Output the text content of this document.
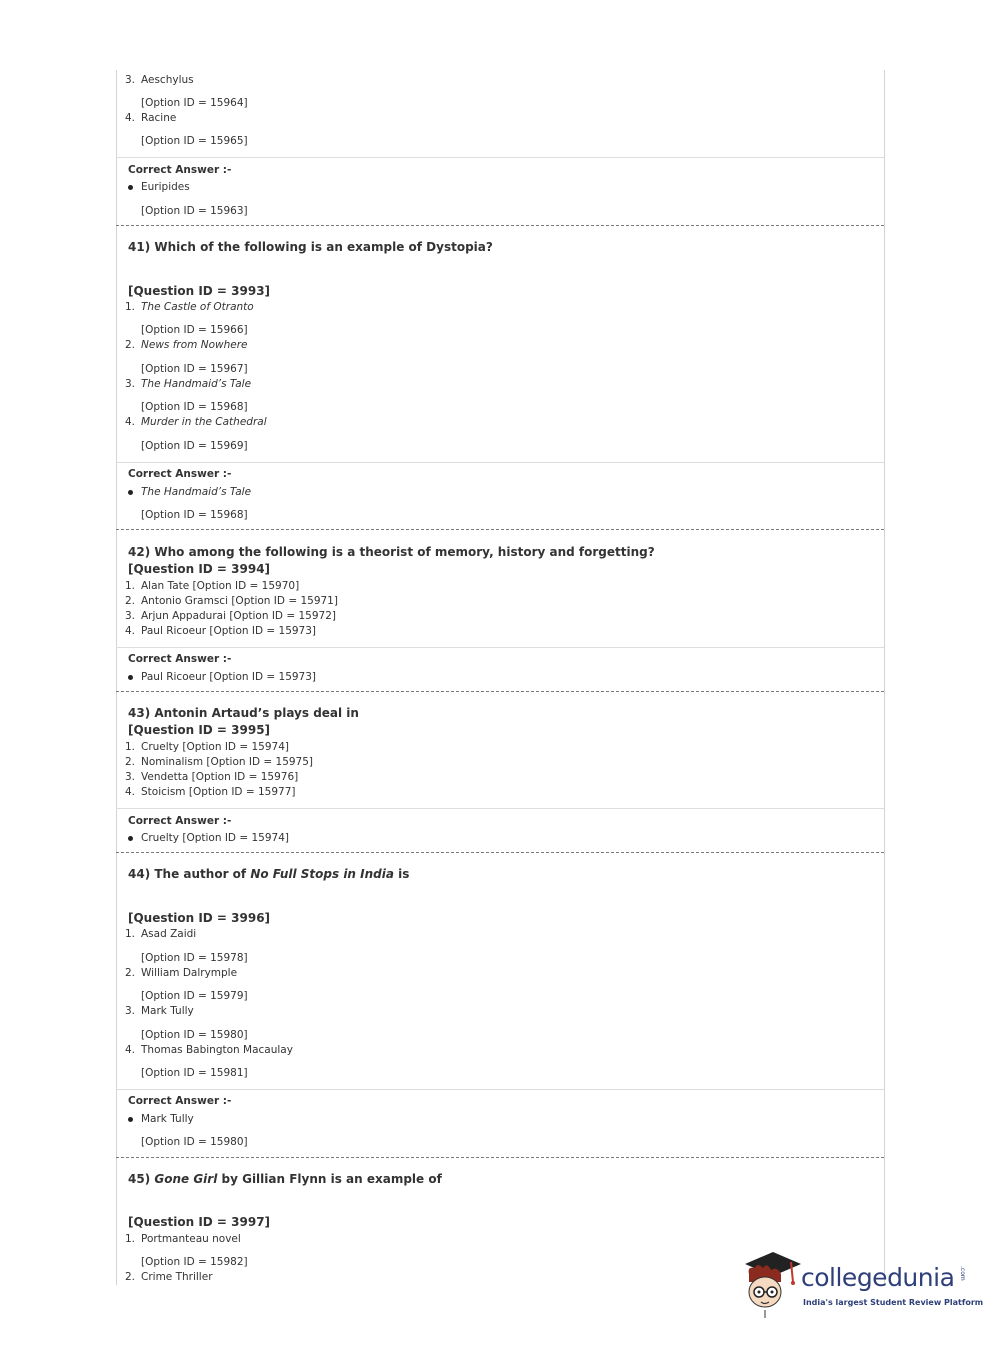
3. Aeschylus
[Option ID = 15964]
4. Racine
[Option ID = 15965]
Correct Answer :-
Euripides
[Option ID = 15963]
41) Which of the following is an example of Dystopia?
[Question ID = 3993]
1. The Castle of Otranto
[Option ID = 15966]
2. News from Nowhere
[Option ID = 15967]
3. The Handmaid’s Tale
[Option ID = 15968]
4. Murder in the Cathedral
[Option ID = 15969]
Correct Answer :-
The Handmaid’s Tale
[Option ID = 15968]
42) Who among the following is a theorist of memory, history and forgetting?
[Question ID = 3994]
1. Alan Tate [Option ID = 15970]
2. Antonio Gramsci [Option ID = 15971]
3. Arjun Appadurai [Option ID = 15972]
4. Paul Ricoeur [Option ID = 15973]
Correct Answer :-
Paul Ricoeur [Option ID = 15973]
43) Antonin Artaud’s plays deal in
[Question ID = 3995]
1. Cruelty [Option ID = 15974]
2. Nominalism [Option ID = 15975]
3. Vendetta [Option ID = 15976]
4. Stoicism [Option ID = 15977]
Correct Answer :-
Cruelty [Option ID = 15974]
44) The author of No Full Stops in India is
[Question ID = 3996]
1. Asad Zaidi
[Option ID = 15978]
2. William Dalrymple
[Option ID = 15979]
3. Mark Tully
[Option ID = 15980]
4. Thomas Babington Macaulay
[Option ID = 15981]
Correct Answer :-
Mark Tully
[Option ID = 15980]
45) Gone Girl by Gillian Flynn is an example of
[Question ID = 3997]
1. Portmanteau novel
[Option ID = 15982]
2. Crime Thriller	collegedunia .com
India's largest Student Review Platform
